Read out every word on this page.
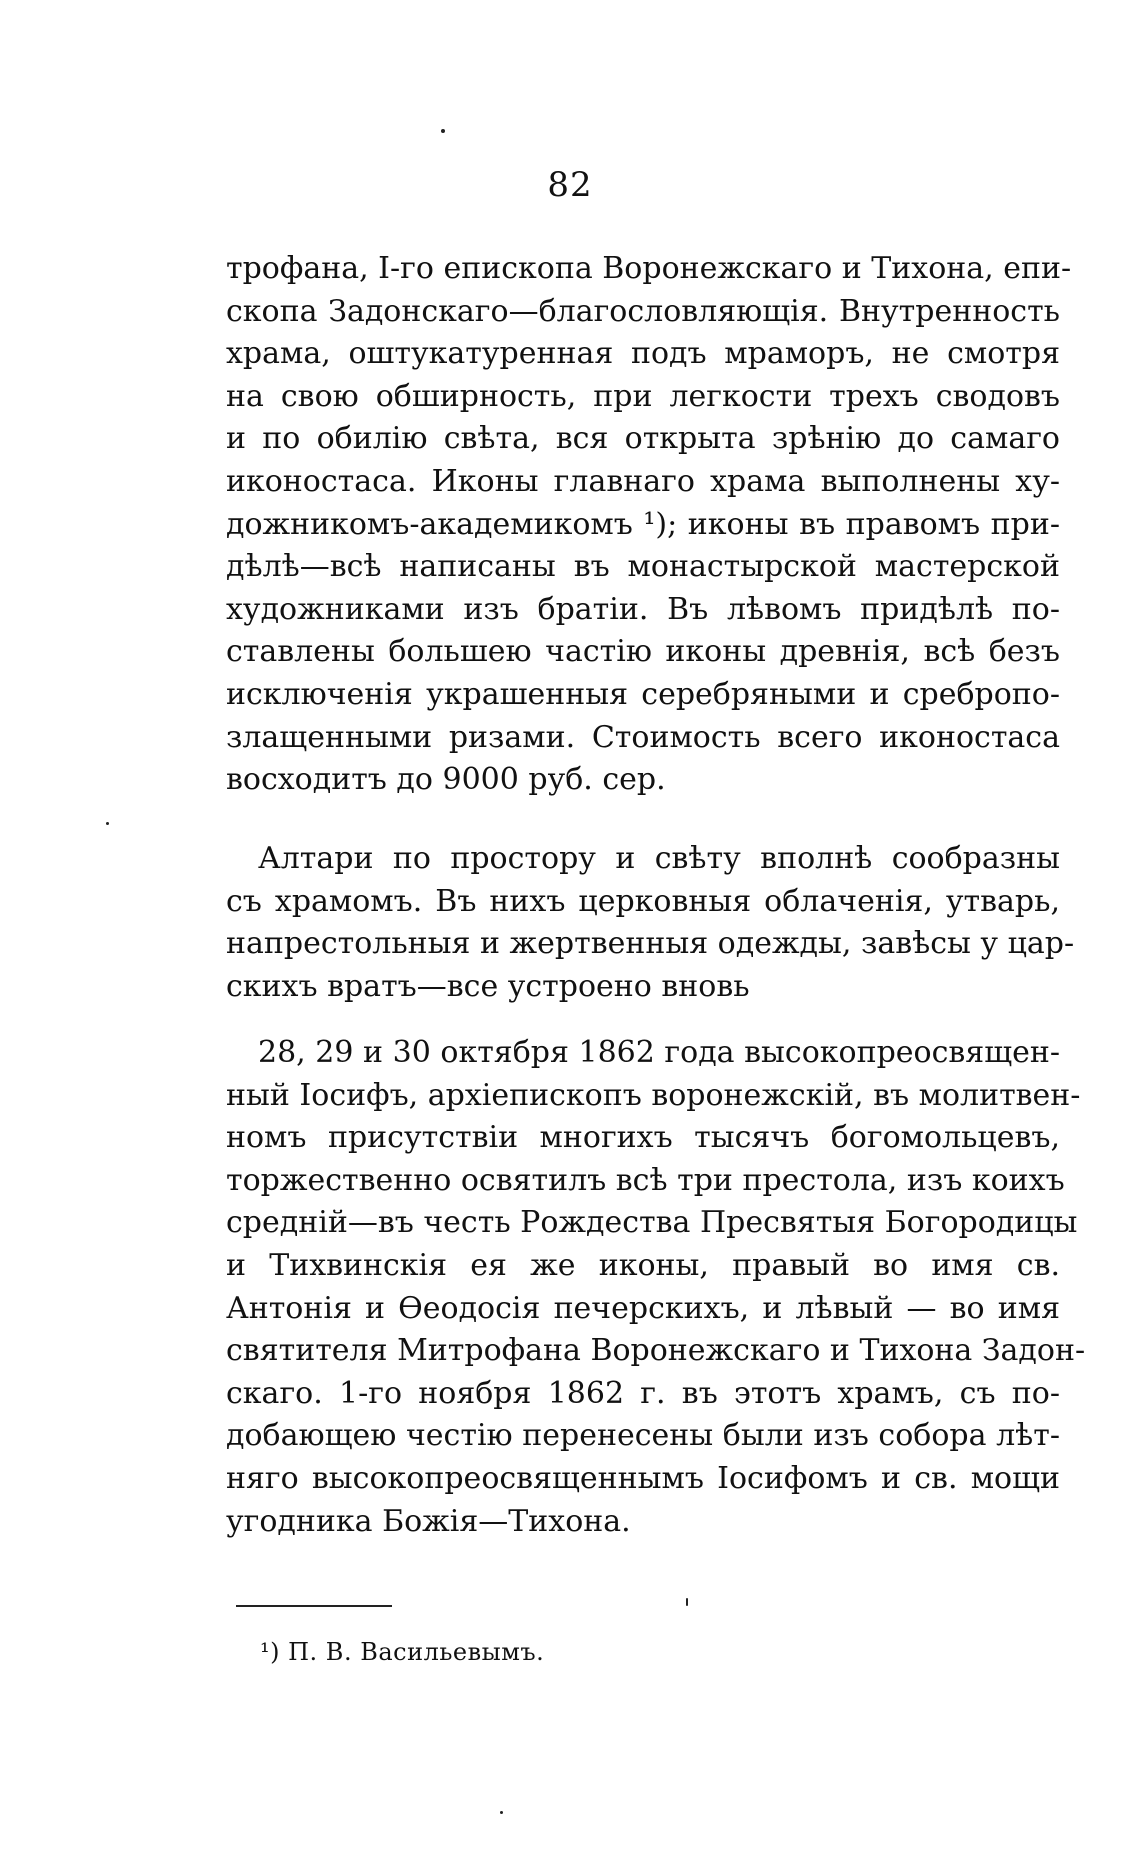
82
трофана, I-го епископа Воронежскаго и Тихона, епи-
скопа Задонскаго—благословляющія. Внутренность
храма, оштукатуренная подъ мраморъ, не смотря
на свою обширность, при легкости трехъ сводовъ
и по обилію свѣта, вся открыта зрѣнію до самаго
иконостаса. Иконы главнаго храма выполнены ху-
дожникомъ-академикомъ ¹); иконы въ правомъ при-
дѣлѣ—всѣ написаны въ монастырской мастерской
художниками изъ братіи. Въ лѣвомъ придѣлѣ по-
ставлены большею частію иконы древнія, всѣ безъ
исключенія украшенныя серебряными и сребропо-
злащенными ризами. Стоимость всего иконостаса
восходитъ до 9000 руб. сер.
Алтари по простору и свѣту вполнѣ сообразны
съ храмомъ. Въ нихъ церковныя облаченія, утварь,
напрестольныя и жертвенныя одежды, завѣсы у цар-
скихъ вратъ—все устроено вновь
28, 29 и 30 октября 1862 года высокопреосвящен-
ный Іосифъ, архіепископъ воронежскій, въ молитвен-
номъ присутствіи многихъ тысячъ богомольцевъ,
торжественно освятилъ всѣ три престола, изъ коихъ
средній—въ честь Рождества Пресвятыя Богородицы
и Тихвинскія ея же иконы, правый во имя св.
Антонія и Ѳеодосія печерскихъ, и лѣвый — во имя
святителя Митрофана Воронежскаго и Тихона Задон-
скаго. 1-го ноября 1862 г. въ этотъ храмъ, съ по-
добающею честію перенесены были изъ собора лѣт-
няго высокопреосвященнымъ Іосифомъ и св. мощи
угодника Божія—Тихона.
¹) П. В. Васильевымъ.
